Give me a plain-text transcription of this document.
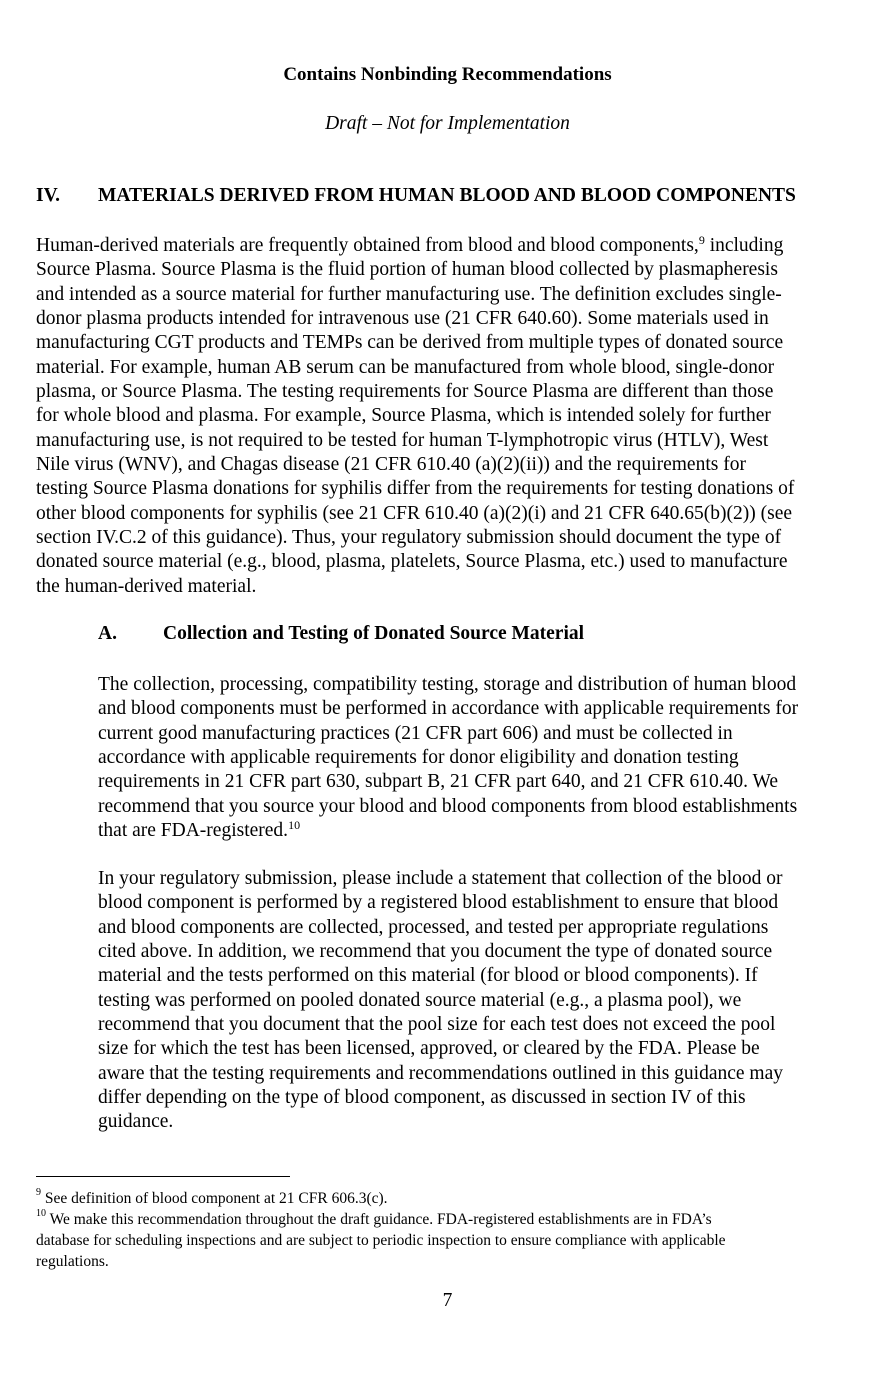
Contains Nonbinding Recommendations
Draft – Not for Implementation
IV. MATERIALS DERIVED FROM HUMAN BLOOD AND BLOOD COMPONENTS
Human-derived materials are frequently obtained from blood and blood components,$^9$ including
Source Plasma. Source Plasma is the fluid portion of human blood collected by plasmapheresis
and intended as a source material for further manufacturing use. The definition excludes single-
donor plasma products intended for intravenous use (21 CFR 640.60). Some materials used in
manufacturing CGT products and TEMPs can be derived from multiple types of donated source
material. For example, human AB serum can be manufactured from whole blood, single-donor
plasma, or Source Plasma. The testing requirements for Source Plasma are different than those
for whole blood and plasma. For example, Source Plasma, which is intended solely for further
manufacturing use, is not required to be tested for human T-lymphotropic virus (HTLV), West
Nile virus (WNV), and Chagas disease (21 CFR 610.40 (a)(2)(ii)) and the requirements for
testing Source Plasma donations for syphilis differ from the requirements for testing donations of
other blood components for syphilis (see 21 CFR 610.40 (a)(2)(i) and 21 CFR 640.65(b)(2)) (see
section IV.C.2 of this guidance). Thus, your regulatory submission should document the type of
donated source material (e.g., blood, plasma, platelets, Source Plasma, etc.) used to manufacture
the human-derived material.
A. Collection and Testing of Donated Source Material
The collection, processing, compatibility testing, storage and distribution of human blood
and blood components must be performed in accordance with applicable requirements for
current good manufacturing practices (21 CFR part 606) and must be collected in
accordance with applicable requirements for donor eligibility and donation testing
requirements in 21 CFR part 630, subpart B, 21 CFR part 640, and 21 CFR 610.40. We
recommend that you source your blood and blood components from blood establishments
that are FDA-registered.$^{10}$
In your regulatory submission, please include a statement that collection of the blood or
blood component is performed by a registered blood establishment to ensure that blood
and blood components are collected, processed, and tested per appropriate regulations
cited above. In addition, we recommend that you document the type of donated source
material and the tests performed on this material (for blood or blood components). If
testing was performed on pooled donated source material (e.g., a plasma pool), we
recommend that you document that the pool size for each test does not exceed the pool
size for which the test has been licensed, approved, or cleared by the FDA. Please be
aware that the testing requirements and recommendations outlined in this guidance may
differ depending on the type of blood component, as discussed in section IV of this
guidance.
$^9$ See definition of blood component at 21 CFR 606.3(c).
$^{10}$ We make this recommendation throughout the draft guidance. FDA-registered establishments are in FDA’s
database for scheduling inspections and are subject to periodic inspection to ensure compliance with applicable
regulations.
7
